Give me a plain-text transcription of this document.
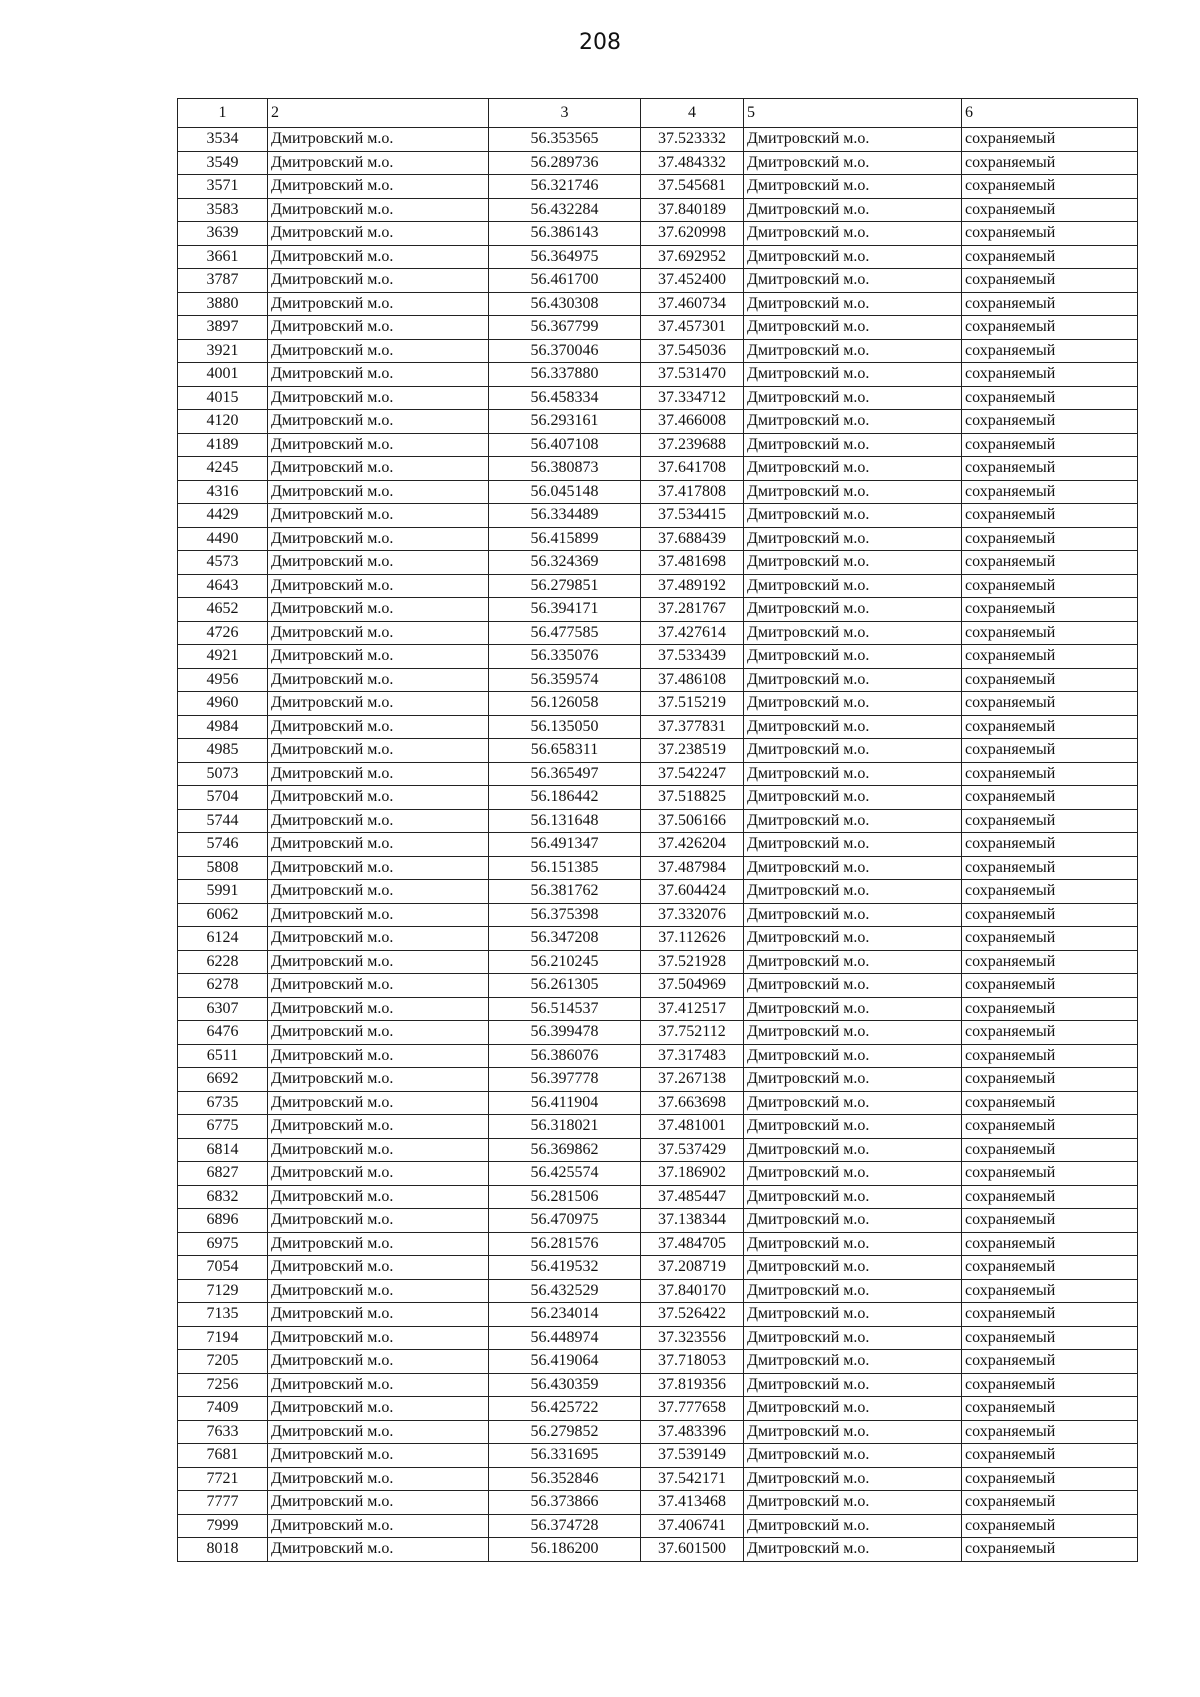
208
1	2	3	4	5	6
3534	Дмитровский м.о.	56.353565	37.523332	Дмитровский м.о.	сохраняемый
3549	Дмитровский м.о.	56.289736	37.484332	Дмитровский м.о.	сохраняемый
3571	Дмитровский м.о.	56.321746	37.545681	Дмитровский м.о.	сохраняемый
3583	Дмитровский м.о.	56.432284	37.840189	Дмитровский м.о.	сохраняемый
3639	Дмитровский м.о.	56.386143	37.620998	Дмитровский м.о.	сохраняемый
3661	Дмитровский м.о.	56.364975	37.692952	Дмитровский м.о.	сохраняемый
3787	Дмитровский м.о.	56.461700	37.452400	Дмитровский м.о.	сохраняемый
3880	Дмитровский м.о.	56.430308	37.460734	Дмитровский м.о.	сохраняемый
3897	Дмитровский м.о.	56.367799	37.457301	Дмитровский м.о.	сохраняемый
3921	Дмитровский м.о.	56.370046	37.545036	Дмитровский м.о.	сохраняемый
4001	Дмитровский м.о.	56.337880	37.531470	Дмитровский м.о.	сохраняемый
4015	Дмитровский м.о.	56.458334	37.334712	Дмитровский м.о.	сохраняемый
4120	Дмитровский м.о.	56.293161	37.466008	Дмитровский м.о.	сохраняемый
4189	Дмитровский м.о.	56.407108	37.239688	Дмитровский м.о.	сохраняемый
4245	Дмитровский м.о.	56.380873	37.641708	Дмитровский м.о.	сохраняемый
4316	Дмитровский м.о.	56.045148	37.417808	Дмитровский м.о.	сохраняемый
4429	Дмитровский м.о.	56.334489	37.534415	Дмитровский м.о.	сохраняемый
4490	Дмитровский м.о.	56.415899	37.688439	Дмитровский м.о.	сохраняемый
4573	Дмитровский м.о.	56.324369	37.481698	Дмитровский м.о.	сохраняемый
4643	Дмитровский м.о.	56.279851	37.489192	Дмитровский м.о.	сохраняемый
4652	Дмитровский м.о.	56.394171	37.281767	Дмитровский м.о.	сохраняемый
4726	Дмитровский м.о.	56.477585	37.427614	Дмитровский м.о.	сохраняемый
4921	Дмитровский м.о.	56.335076	37.533439	Дмитровский м.о.	сохраняемый
4956	Дмитровский м.о.	56.359574	37.486108	Дмитровский м.о.	сохраняемый
4960	Дмитровский м.о.	56.126058	37.515219	Дмитровский м.о.	сохраняемый
4984	Дмитровский м.о.	56.135050	37.377831	Дмитровский м.о.	сохраняемый
4985	Дмитровский м.о.	56.658311	37.238519	Дмитровский м.о.	сохраняемый
5073	Дмитровский м.о.	56.365497	37.542247	Дмитровский м.о.	сохраняемый
5704	Дмитровский м.о.	56.186442	37.518825	Дмитровский м.о.	сохраняемый
5744	Дмитровский м.о.	56.131648	37.506166	Дмитровский м.о.	сохраняемый
5746	Дмитровский м.о.	56.491347	37.426204	Дмитровский м.о.	сохраняемый
5808	Дмитровский м.о.	56.151385	37.487984	Дмитровский м.о.	сохраняемый
5991	Дмитровский м.о.	56.381762	37.604424	Дмитровский м.о.	сохраняемый
6062	Дмитровский м.о.	56.375398	37.332076	Дмитровский м.о.	сохраняемый
6124	Дмитровский м.о.	56.347208	37.112626	Дмитровский м.о.	сохраняемый
6228	Дмитровский м.о.	56.210245	37.521928	Дмитровский м.о.	сохраняемый
6278	Дмитровский м.о.	56.261305	37.504969	Дмитровский м.о.	сохраняемый
6307	Дмитровский м.о.	56.514537	37.412517	Дмитровский м.о.	сохраняемый
6476	Дмитровский м.о.	56.399478	37.752112	Дмитровский м.о.	сохраняемый
6511	Дмитровский м.о.	56.386076	37.317483	Дмитровский м.о.	сохраняемый
6692	Дмитровский м.о.	56.397778	37.267138	Дмитровский м.о.	сохраняемый
6735	Дмитровский м.о.	56.411904	37.663698	Дмитровский м.о.	сохраняемый
6775	Дмитровский м.о.	56.318021	37.481001	Дмитровский м.о.	сохраняемый
6814	Дмитровский м.о.	56.369862	37.537429	Дмитровский м.о.	сохраняемый
6827	Дмитровский м.о.	56.425574	37.186902	Дмитровский м.о.	сохраняемый
6832	Дмитровский м.о.	56.281506	37.485447	Дмитровский м.о.	сохраняемый
6896	Дмитровский м.о.	56.470975	37.138344	Дмитровский м.о.	сохраняемый
6975	Дмитровский м.о.	56.281576	37.484705	Дмитровский м.о.	сохраняемый
7054	Дмитровский м.о.	56.419532	37.208719	Дмитровский м.о.	сохраняемый
7129	Дмитровский м.о.	56.432529	37.840170	Дмитровский м.о.	сохраняемый
7135	Дмитровский м.о.	56.234014	37.526422	Дмитровский м.о.	сохраняемый
7194	Дмитровский м.о.	56.448974	37.323556	Дмитровский м.о.	сохраняемый
7205	Дмитровский м.о.	56.419064	37.718053	Дмитровский м.о.	сохраняемый
7256	Дмитровский м.о.	56.430359	37.819356	Дмитровский м.о.	сохраняемый
7409	Дмитровский м.о.	56.425722	37.777658	Дмитровский м.о.	сохраняемый
7633	Дмитровский м.о.	56.279852	37.483396	Дмитровский м.о.	сохраняемый
7681	Дмитровский м.о.	56.331695	37.539149	Дмитровский м.о.	сохраняемый
7721	Дмитровский м.о.	56.352846	37.542171	Дмитровский м.о.	сохраняемый
7777	Дмитровский м.о.	56.373866	37.413468	Дмитровский м.о.	сохраняемый
7999	Дмитровский м.о.	56.374728	37.406741	Дмитровский м.о.	сохраняемый
8018	Дмитровский м.о.	56.186200	37.601500	Дмитровский м.о.	сохраняемый
